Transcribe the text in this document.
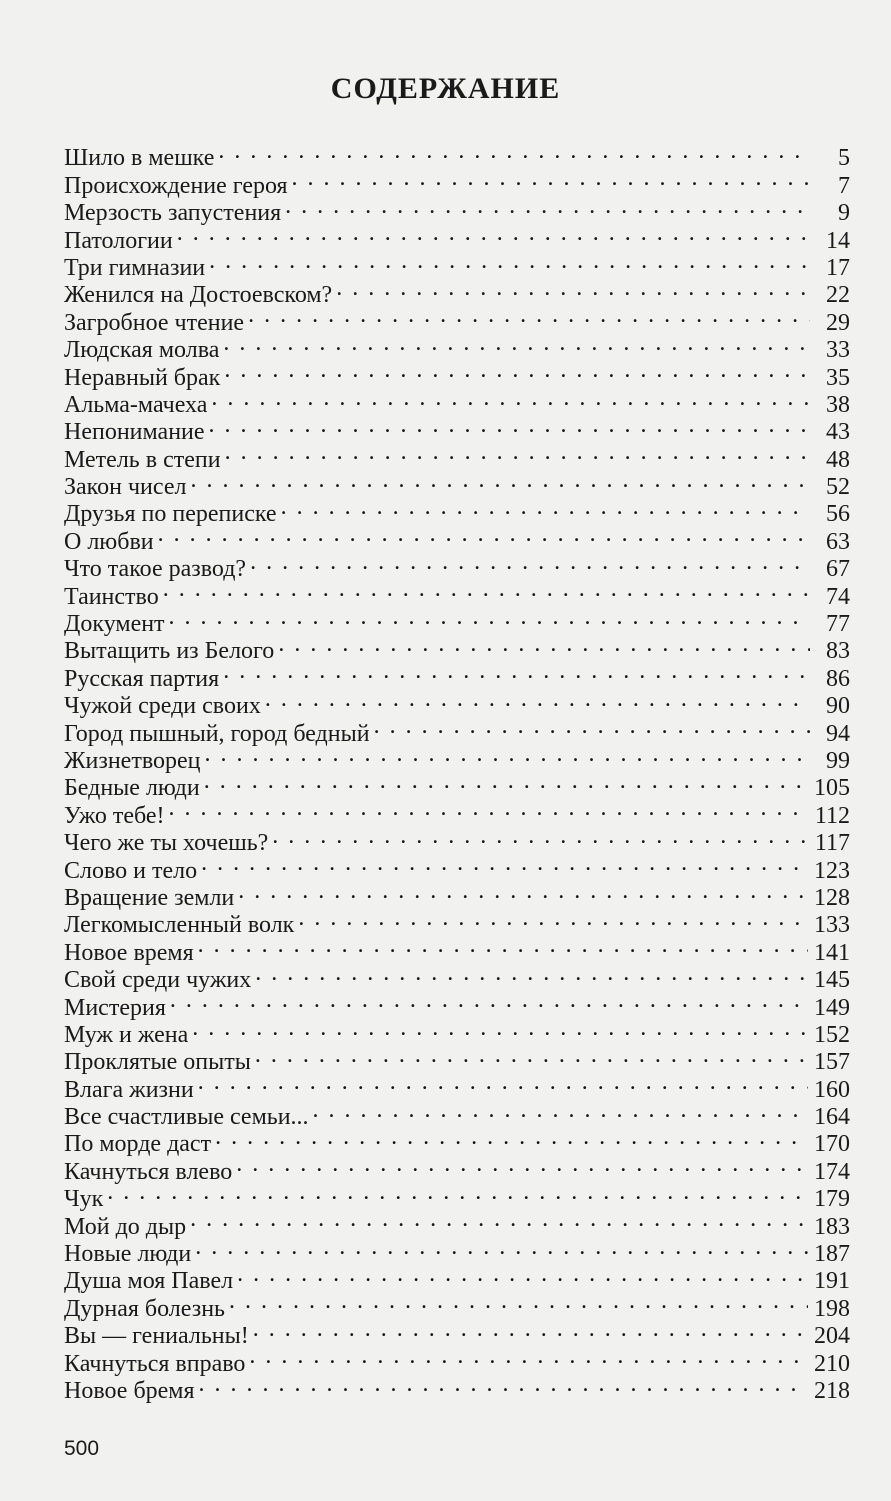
СОДЕРЖАНИЕ
Шило в мешке . . .	5
Происхождение героя . . .	7
Мерзость запустения . . .	9
Патологии . . .	14
Три гимназии . . .	17
Женился на Достоевском? . . .	22
Загробное чтение . . .	29
Людская молва . . .	33
Неравный брак . . .	35
Альма-мачеха . . .	38
Непонимание . . .	43
Метель в степи . . .	48
Закон чисел . . .	52
Друзья по переписке . . .	56
О любви . . .	63
Что такое развод? . . .	67
Таинство . . .	74
Документ . . .	77
Вытащить из Белого . . .	83
Русская партия . . .	86
Чужой среди своих . . .	90
Город пышный, город бедный . . .	94
Жизнетворец . . .	99
Бедные люди . . .	105
Ужо тебе! . . .	112
Чего же ты хочешь? . . .	117
Слово и тело . . .	123
Вращение земли . . .	128
Легкомысленный волк . . .	133
Новое время . . .	141
Свой среди чужих . . .	145
Мистерия . . .	149
Муж и жена . . .	152
Проклятые опыты . . .	157
Влага жизни . . .	160
Все счастливые семьи... . . .	164
По морде даст . . .	170
Качнуться влево . . .	174
Чук . . .	179
Мой до дыр . . .	183
Новые люди . . .	187
Душа моя Павел . . .	191
Дурная болезнь . . .	198
Вы — гениальны! . . .	204
Качнуться вправо . . .	210
Новое бремя . . .	218
500
